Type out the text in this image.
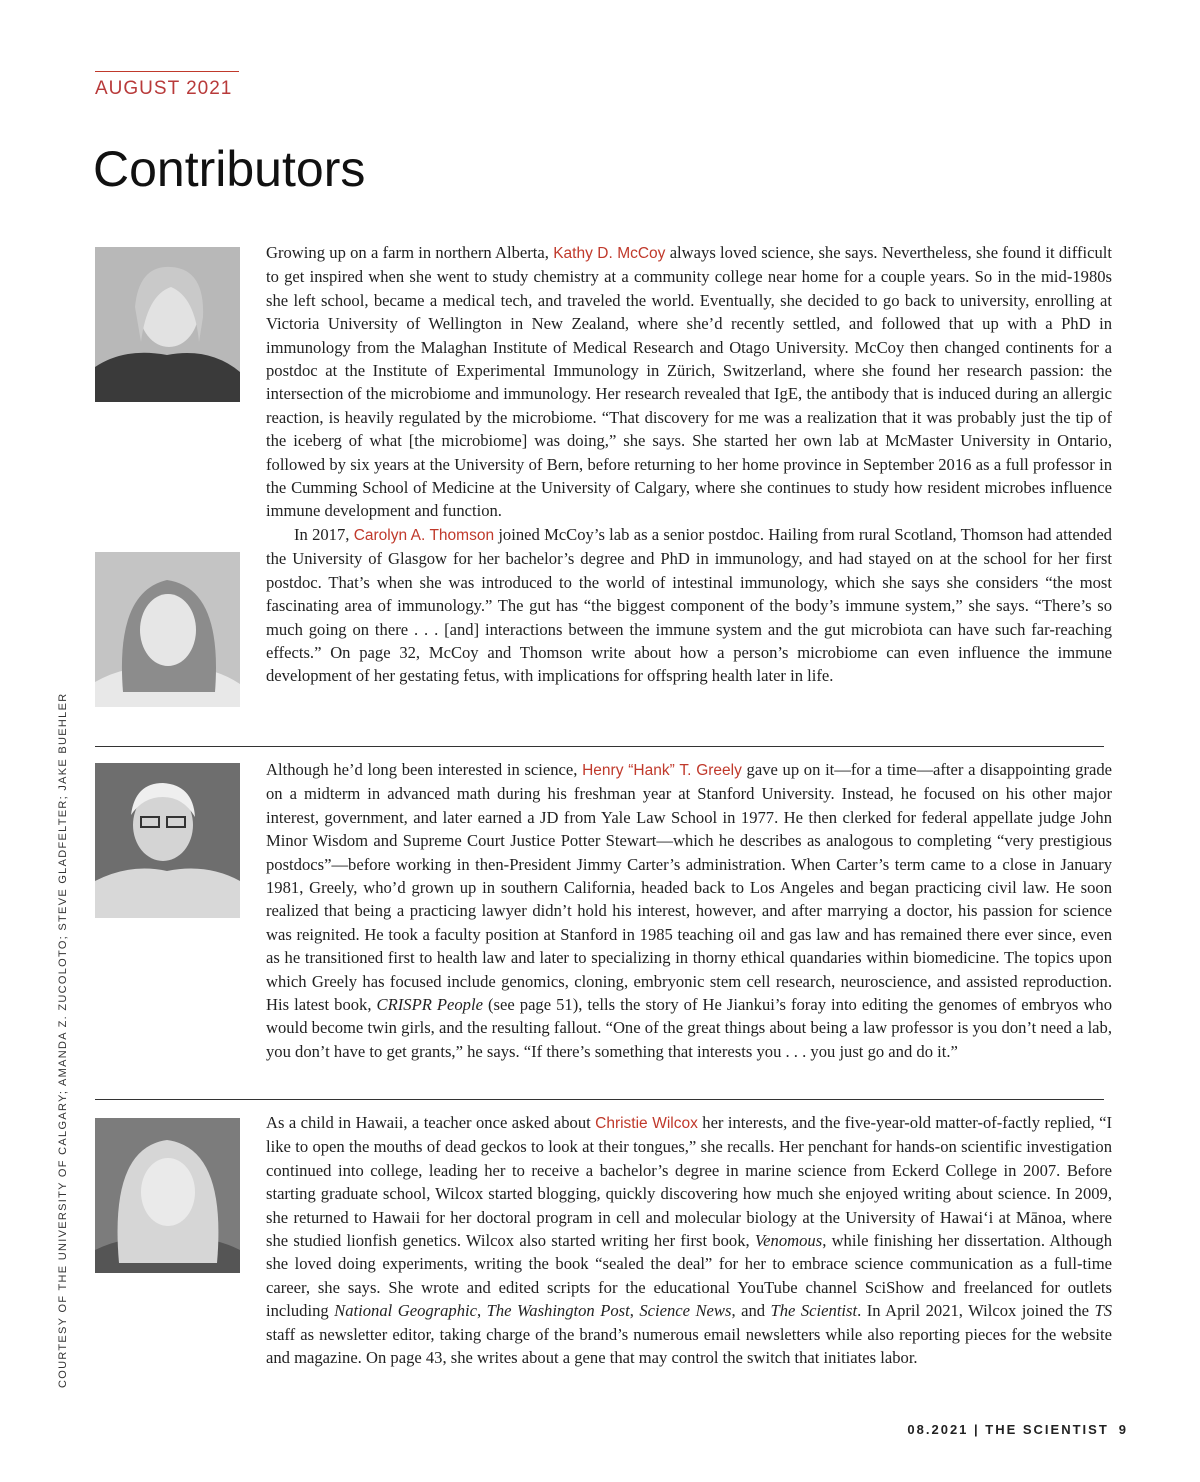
AUGUST 2021
Contributors

Growing up on a farm in northern Alberta, Kathy D. McCoy always loved science, she says. Nevertheless, she found it difficult to get inspired when she went to study chemistry at a community college near home for a couple years. So in the mid-1980s she left school, became a medical tech, and traveled the world. Eventually, she decided to go back to university, enrolling at Victoria University of Wellington in New Zealand, where she’d recently settled, and followed that up with a PhD in immunology from the Malaghan Institute of Medical Research and Otago University. McCoy then changed continents for a postdoc at the Institute of Experimental Immunology in Zürich, Switzerland, where she found her research passion: the intersection of the microbiome and immunology. Her research revealed that IgE, the antibody that is induced during an allergic reaction, is heavily regulated by the microbiome. “That discovery for me was a realization that it was probably just the tip of the iceberg of what [the microbiome] was doing,” she says. She started her own lab at McMaster University in Ontario, followed by six years at the University of Bern, before returning to her home province in September 2016 as a full professor in the Cumming School of Medicine at the University of Calgary, where she continues to study how resident microbes influence immune development and function.

In 2017, Carolyn A. Thomson joined McCoy’s lab as a senior postdoc. Hailing from rural Scotland, Thomson had attended the University of Glasgow for her bachelor’s degree and PhD in immunology, and had stayed on at the school for her first postdoc. That’s when she was introduced to the world of intestinal immunology, which she says she considers “the most fascinating area of immunology.” The gut has “the biggest component of the body’s immune system,” she says. “There’s so much going on there . . . [and] interactions between the immune system and the gut microbiota can have such far-reaching effects.” On page 32, McCoy and Thomson write about how a person’s microbiome can even influence the immune development of her gestating fetus, with implications for offspring health later in life.

Although he’d long been interested in science, Henry “Hank” T. Greely gave up on it—for a time—after a disappointing grade on a midterm in advanced math during his freshman year at Stanford University. Instead, he focused on his other major interest, government, and later earned a JD from Yale Law School in 1977. He then clerked for federal appellate judge John Minor Wisdom and Supreme Court Justice Potter Stewart—which he describes as analogous to completing “very prestigious postdocs”—before working in then-President Jimmy Carter’s administration. When Carter’s term came to a close in January 1981, Greely, who’d grown up in southern California, headed back to Los Angeles and began practicing civil law. He soon realized that being a practicing lawyer didn’t hold his interest, however, and after marrying a doctor, his passion for science was reignited. He took a faculty position at Stanford in 1985 teaching oil and gas law and has remained there ever since, even as he transitioned first to health law and later to specializing in thorny ethical quandaries within biomedicine. The topics upon which Greely has focused include genomics, cloning, embryonic stem cell research, neuroscience, and assisted reproduction. His latest book, CRISPR People (see page 51), tells the story of He Jiankui’s foray into editing the genomes of embryos who would become twin girls, and the resulting fallout. “One of the great things about being a law professor is you don’t need a lab, you don’t have to get grants,” he says. “If there’s something that interests you . . . you just go and do it.”

As a child in Hawaii, a teacher once asked about Christie Wilcox her interests, and the five-year-old matter-of-factly replied, “I like to open the mouths of dead geckos to look at their tongues,” she recalls. Her penchant for hands-on scientific investigation continued into college, leading her to receive a bachelor’s degree in marine science from Eckerd College in 2007. Before starting graduate school, Wilcox started blogging, quickly discovering how much she enjoyed writing about science. In 2009, she returned to Hawaii for her doctoral program in cell and molecular biology at the University of Hawai‘i at Mānoa, where she studied lionfish genetics. Wilcox also started writing her first book, Venomous, while finishing her dissertation. Although she loved doing experiments, writing the book “sealed the deal” for her to embrace science communication as a full-time career, she says. She wrote and edited scripts for the educational YouTube channel SciShow and freelanced for outlets including National Geographic, The Washington Post, Science News, and The Scientist. In April 2021, Wilcox joined the TS staff as newsletter editor, taking charge of the brand’s numerous email newsletters while also reporting pieces for the website and magazine. On page 43, she writes about a gene that may control the switch that initiates labor.

COURTESY OF THE UNIVERSITY OF CALGARY; AMANDA Z. ZUCOLOTO; STEVE GLADFELTER; JAKE BUEHLER
08.2021 | THE SCIENTIST 9
